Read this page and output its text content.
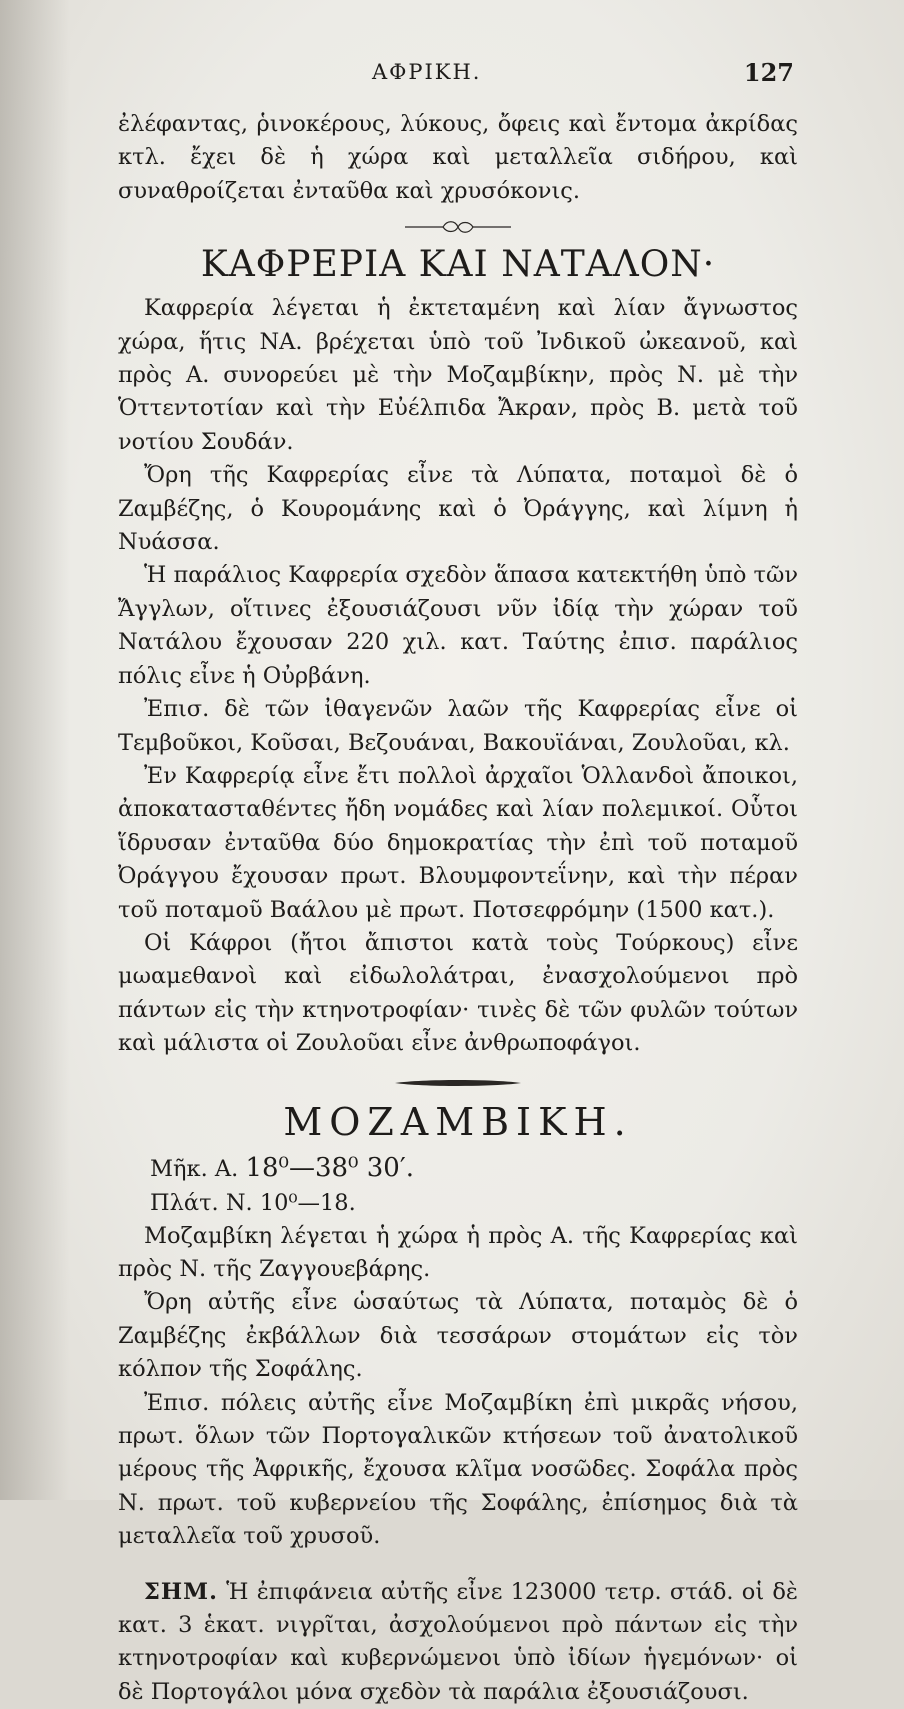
ΑΦΡΙΚΗ.	127

ἐλέφαντας, ῥινοκέρους, λύκους, ὄφεις καὶ ἔντομα ἀκρίδας κτλ. ἔχει δὲ ἡ χώρα καὶ μεταλλεῖα σιδήρου, καὶ συναθροίζεται ἐνταῦθα καὶ χρυσόκονις.

ΚΑΦΡΕΡΙΑ ΚΑΙ ΝΑΤΑΛΟΝ·

Καφρερία λέγεται ἡ ἐκτεταμένη καὶ λίαν ἄγνωστος χώρα, ἥτις ΝΑ. βρέχεται ὑπὸ τοῦ Ἰνδικοῦ ὠκεανοῦ, καὶ πρὸς Α. συνορεύει μὲ τὴν Μοζαμβίκην, πρὸς Ν. μὲ τὴν Ὁττεντοτίαν καὶ τὴν Εὐέλπιδα Ἄκραν, πρὸς Β. μετὰ τοῦ νοτίου Σουδάν.

Ὄρη τῆς Καφρερίας εἶνε τὰ Λύπατα, ποταμοὶ δὲ ὁ Ζαμβέζης, ὁ Κουρομάνης καὶ ὁ Ὀράγγης, καὶ λίμνη ἡ Νυάσσα.

Ἡ παράλιος Καφρερία σχεδὸν ἅπασα κατεκτήθη ὑπὸ τῶν Ἄγγλων, οἵτινες ἐξουσιάζουσι νῦν ἰδίᾳ τὴν χώραν τοῦ Νατάλου ἔχουσαν 220 χιλ. κατ. Ταύτης ἐπισ. παράλιος πόλις εἶνε ἡ Οὐρβάνη.

Ἐπισ. δὲ τῶν ἰθαγενῶν λαῶν τῆς Καφρερίας εἶνε οἱ Τεμβοῦκοι, Κοῦσαι, Βεζουάναι, Βακουϊάναι, Ζουλοῦαι, κλ.

Ἐν Καφρερίᾳ εἶνε ἔτι πολλοὶ ἀρχαῖοι Ὁλλανδοὶ ἄποικοι, ἀποκατασταθέντες ἤδη νομάδες καὶ λίαν πολεμικοί. Οὗτοι ἵδρυσαν ἐνταῦθα δύο δημοκρατίας τὴν ἐπὶ τοῦ ποταμοῦ Ὀράγγου ἔχουσαν πρωτ. Βλουμφοντεΐνην, καὶ τὴν πέραν τοῦ ποταμοῦ Βαάλου μὲ πρωτ. Ποτσεφρόμην (1500 κατ.).

Οἱ Κάφροι (ἤτοι ἄπιστοι κατὰ τοὺς Τούρκους) εἶνε μωαμεθανοὶ καὶ εἰδωλολάτραι, ἐνασχολούμενοι πρὸ πάντων εἰς τὴν κτηνοτροφίαν· τινὲς δὲ τῶν φυλῶν τούτων καὶ μάλιστα οἱ Ζουλοῦαι εἶνε ἀνθρωποφάγοι.

ΜΟΖΑΜΒΙΚΗ.
Μῆκ. Α. 18⁰—38⁰ 30′.
Πλάτ. Ν. 10⁰—18.

Μοζαμβίκη λέγεται ἡ χώρα ἡ πρὸς Α. τῆς Καφρερίας καὶ πρὸς Ν. τῆς Ζαγγουεβάρης.

Ὄρη αὐτῆς εἶνε ὡσαύτως τὰ Λύπατα, ποταμὸς δὲ ὁ Ζαμβέζης ἐκβάλλων διὰ τεσσάρων στομάτων εἰς τὸν κόλπον τῆς Σοφάλης.

Ἐπισ. πόλεις αὐτῆς εἶνε Μοζαμβίκη ἐπὶ μικρᾶς νήσου, πρωτ. ὅλων τῶν Πορτογαλικῶν κτήσεων τοῦ ἀνατολικοῦ μέρους τῆς Ἀφρικῆς, ἔχουσα κλῖμα νοσῶδες. Σοφάλα πρὸς Ν. πρωτ. τοῦ κυβερνείου τῆς Σοφάλης, ἐπίσημος διὰ τὰ μεταλλεῖα τοῦ χρυσοῦ.

ΣΗΜ. Ἡ ἐπιφάνεια αὐτῆς εἶνε 123000 τετρ. στάδ. οἱ δὲ κατ. 3 ἑκατ. νιγρῖται, ἀσχολούμενοι πρὸ πάντων εἰς τὴν κτηνοτροφίαν καὶ κυβερνώμενοι ὑπὸ ἰδίων ἡγεμόνων· οἱ δὲ Πορτογάλοι μόνα σχεδὸν τὰ παράλια ἐξουσιάζουσι.
